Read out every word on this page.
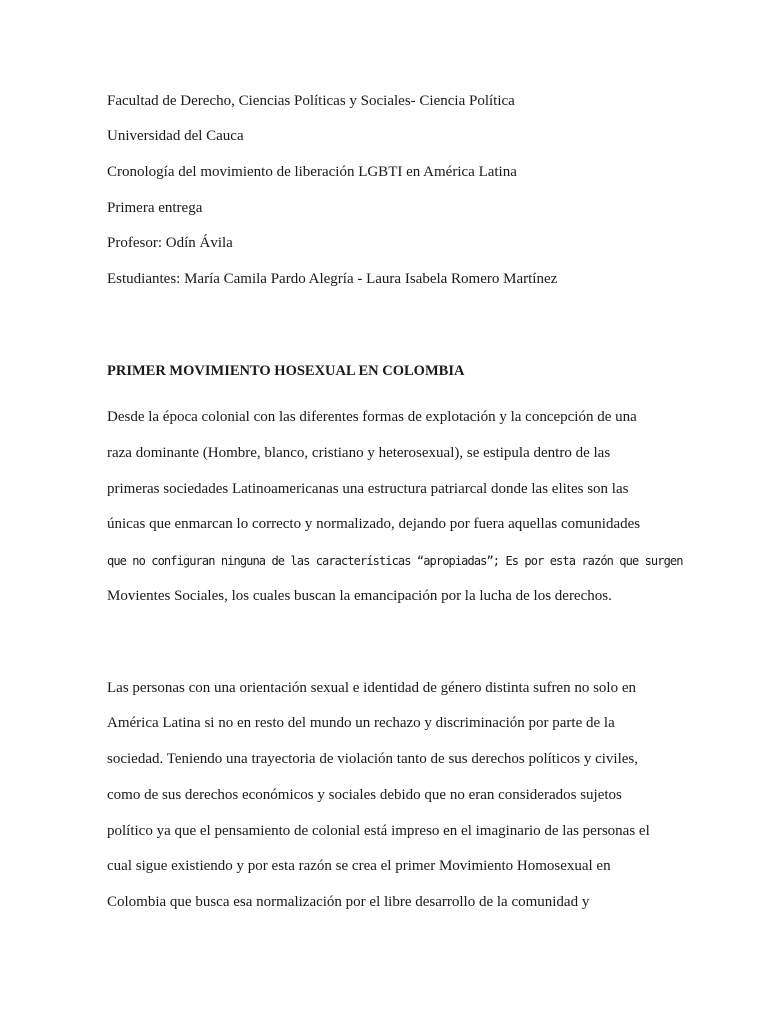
Facultad de Derecho, Ciencias Políticas y Sociales- Ciencia Política
Universidad del Cauca
Cronología del movimiento de liberación LGBTI en América Latina
Primera entrega
Profesor: Odín Ávila
Estudiantes: María Camila Pardo Alegría - Laura Isabela Romero Martínez
PRIMER MOVIMIENTO HOSEXUAL EN COLOMBIA
Desde la época colonial con las diferentes formas de explotación y la concepción de una
raza dominante (Hombre, blanco, cristiano y heterosexual), se estipula dentro de las
primeras sociedades Latinoamericanas una estructura patriarcal donde las elites son las
únicas que enmarcan lo correcto y normalizado, dejando por fuera aquellas comunidades
que no configuran ninguna de las características “apropiadas”; Es por esta razón que surgen
Movientes Sociales, los cuales buscan la emancipación por la lucha de los derechos.
Las personas con una orientación sexual e identidad de género distinta sufren no solo en
América Latina si no en resto del mundo un rechazo y discriminación por parte de la
sociedad. Teniendo una trayectoria de violación tanto de sus derechos políticos y civiles,
como de sus derechos económicos y sociales debido que no eran considerados sujetos
político ya que el pensamiento de colonial está impreso en el imaginario de las personas el
cual sigue existiendo y por esta razón se crea el primer Movimiento Homosexual en
Colombia que busca esa normalización por el libre desarrollo de la comunidad y
